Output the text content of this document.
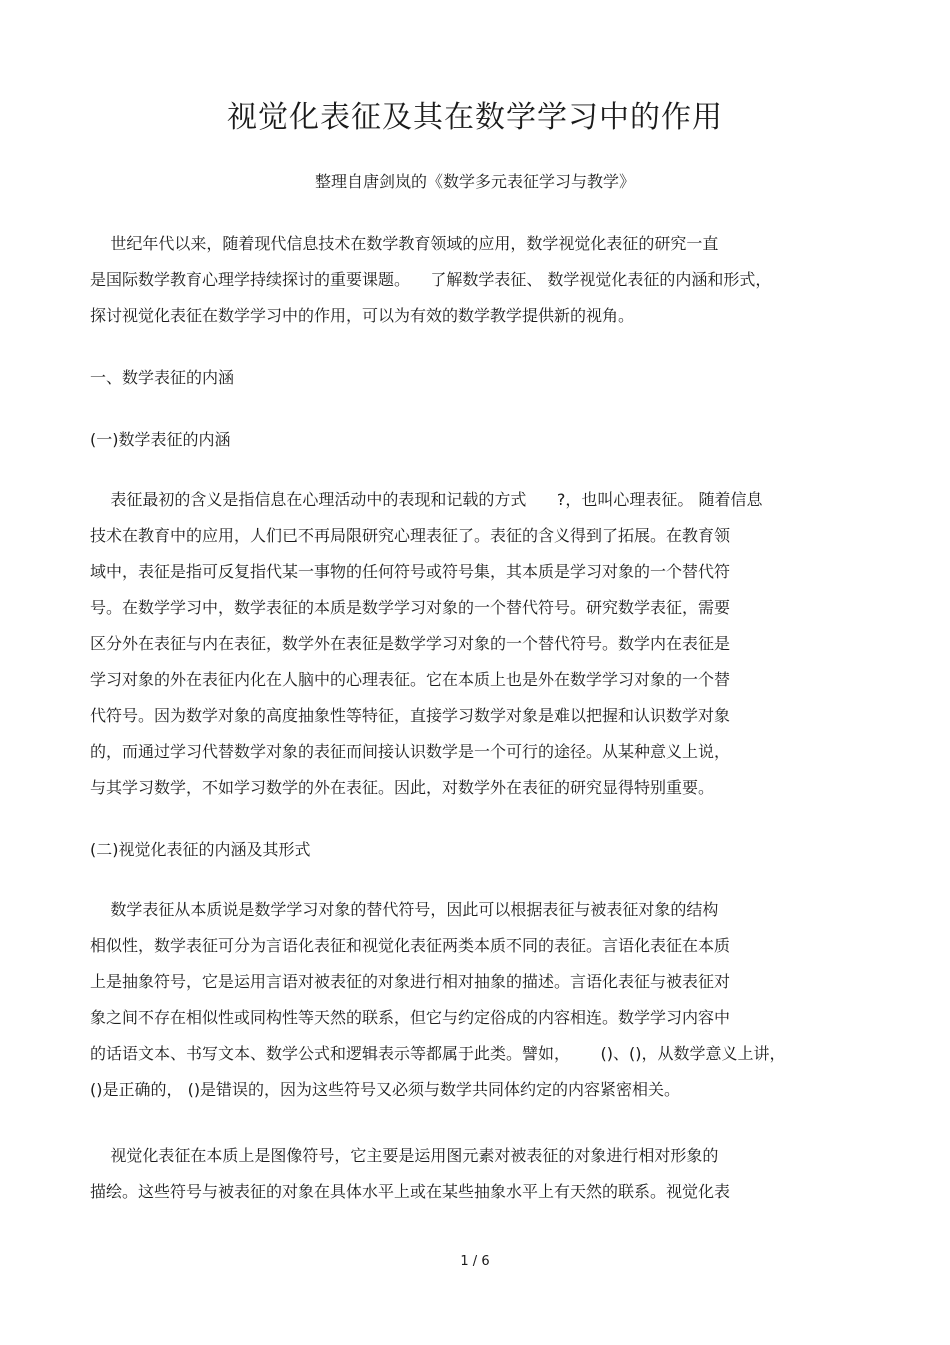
视觉化表征及其在数学学习中的作用

整理自唐剑岚的《数学多元表征学习与教学》

世纪年代以来，随着现代信息技术在数学教育领域的应用，数学视觉化表征的研究一直

是国际数学教育心理学持续探讨的重要课题。    了解数学表征、 数学视觉化表征的内涵和形式，

探讨视觉化表征在数学学习中的作用，可以为有效的数学教学提供新的视角。

一、数学表征的内涵

(一)数学表征的内涵

表征最初的含义是指信息在心理活动中的表现和记载的方式      ?，也叫心理表征。 随着信息

技术在教育中的应用，人们已不再局限研究心理表征了。表征的含义得到了拓展。在教育领

域中，表征是指可反复指代某一事物的任何符号或符号集，其本质是学习对象的一个替代符

号。在数学学习中，数学表征的本质是数学学习对象的一个替代符号。研究数学表征，需要

区分外在表征与内在表征，数学外在表征是数学学习对象的一个替代符号。数学内在表征是

学习对象的外在表征内化在人脑中的心理表征。它在本质上也是外在数学学习对象的一个替

代符号。因为数学对象的高度抽象性等特征，直接学习数学对象是难以把握和认识数学对象

的，而通过学习代替数学对象的表征而间接认识数学是一个可行的途径。从某种意义上说，

与其学习数学，不如学习数学的外在表征。因此，对数学外在表征的研究显得特别重要。

(二)视觉化表征的内涵及其形式

数学表征从本质说是数学学习对象的替代符号，因此可以根据表征与被表征对象的结构

相似性，数学表征可分为言语化表征和视觉化表征两类本质不同的表征。言语化表征在本质

上是抽象符号，它是运用言语对被表征的对象进行相对抽象的描述。言语化表征与被表征对

象之间不存在相似性或同构性等天然的联系，但它与约定俗成的内容相连。数学学习内容中

的话语文本、书写文本、数学公式和逻辑表示等都属于此类。譬如，      ()、()，从数学意义上讲，

()是正确的， ()是错误的，因为这些符号又必须与数学共同体约定的内容紧密相关。

视觉化表征在本质上是图像符号，它主要是运用图元素对被表征的对象进行相对形象的

描绘。这些符号与被表征的对象在具体水平上或在某些抽象水平上有天然的联系。视觉化表

1 / 6
